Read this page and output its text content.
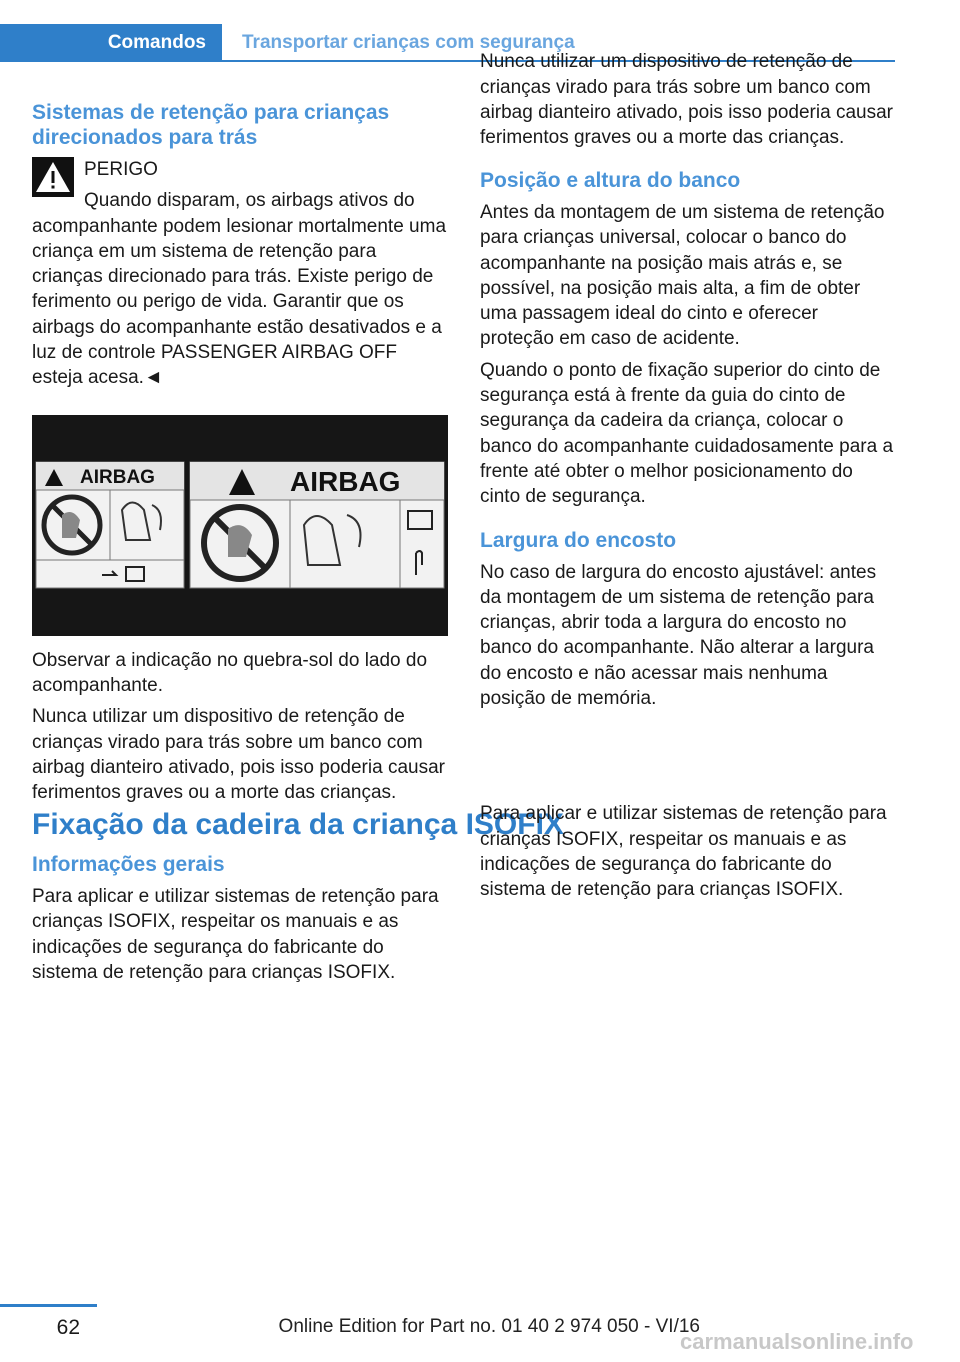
Comandos	Transportar crianças com segurança
Sistemas de retenção para crianças
direcionados para trás

PERIGO

Quando disparam, os airbags ativos do acompanhante podem lesionar mortalmente uma criança em um sistema de retenção para crianças direcionado para trás. Existe perigo de ferimento ou perigo de vida. Garantir que os airbags do acompanhante estão desativados e a luz de controle PASSENGER AIRBAG OFF esteja acesa.◄

AIRBAG	AIRBAG

Observar a indicação no quebra-sol do lado do acompanhante.

Nunca utilizar um dispositivo de retenção de crianças virado para trás sobre um banco com airbag dianteiro ativado, pois isso poderia causar ferimentos graves ou a morte das crianças.

Nunca utilizar um dispositivo de retenção de crianças virado para trás sobre um banco com airbag dianteiro ativado, pois isso poderia causar ferimentos graves ou a morte das crianças.

Posição e altura do banco

Antes da montagem de um sistema de retenção para crianças universal, colocar o banco do acompanhante na posição mais atrás e, se possível, na posição mais alta, a fim de obter uma passagem ideal do cinto e oferecer proteção em caso de acidente.

Quando o ponto de fixação superior do cinto de segurança está à frente da guia do cinto de segurança da cadeira da criança, colocar o banco do acompanhante cuidadosamente para a frente até obter o melhor posicionamento do cinto de segurança.

Largura do encosto

No caso de largura do encosto ajustável: antes da montagem de um sistema de retenção para crianças, abrir toda a largura do encosto no banco do acompanhante. Não alterar a largura do encosto e não acessar mais nenhuma posição de memória.

Fixação da cadeira da criança ISOFIX
Informações gerais

Para aplicar e utilizar sistemas de retenção para crianças ISOFIX, respeitar os manuais e as indicações de segurança do fabricante do sistema de retenção para crianças ISOFIX.

Para aplicar e utilizar sistemas de retenção para crianças ISOFIX, respeitar os manuais e as indicações de segurança do fabricante do sistema de retenção para crianças ISOFIX.

62	Online Edition for Part no. 01 40 2 974 050 - VI/16
carmanualsonline.info
